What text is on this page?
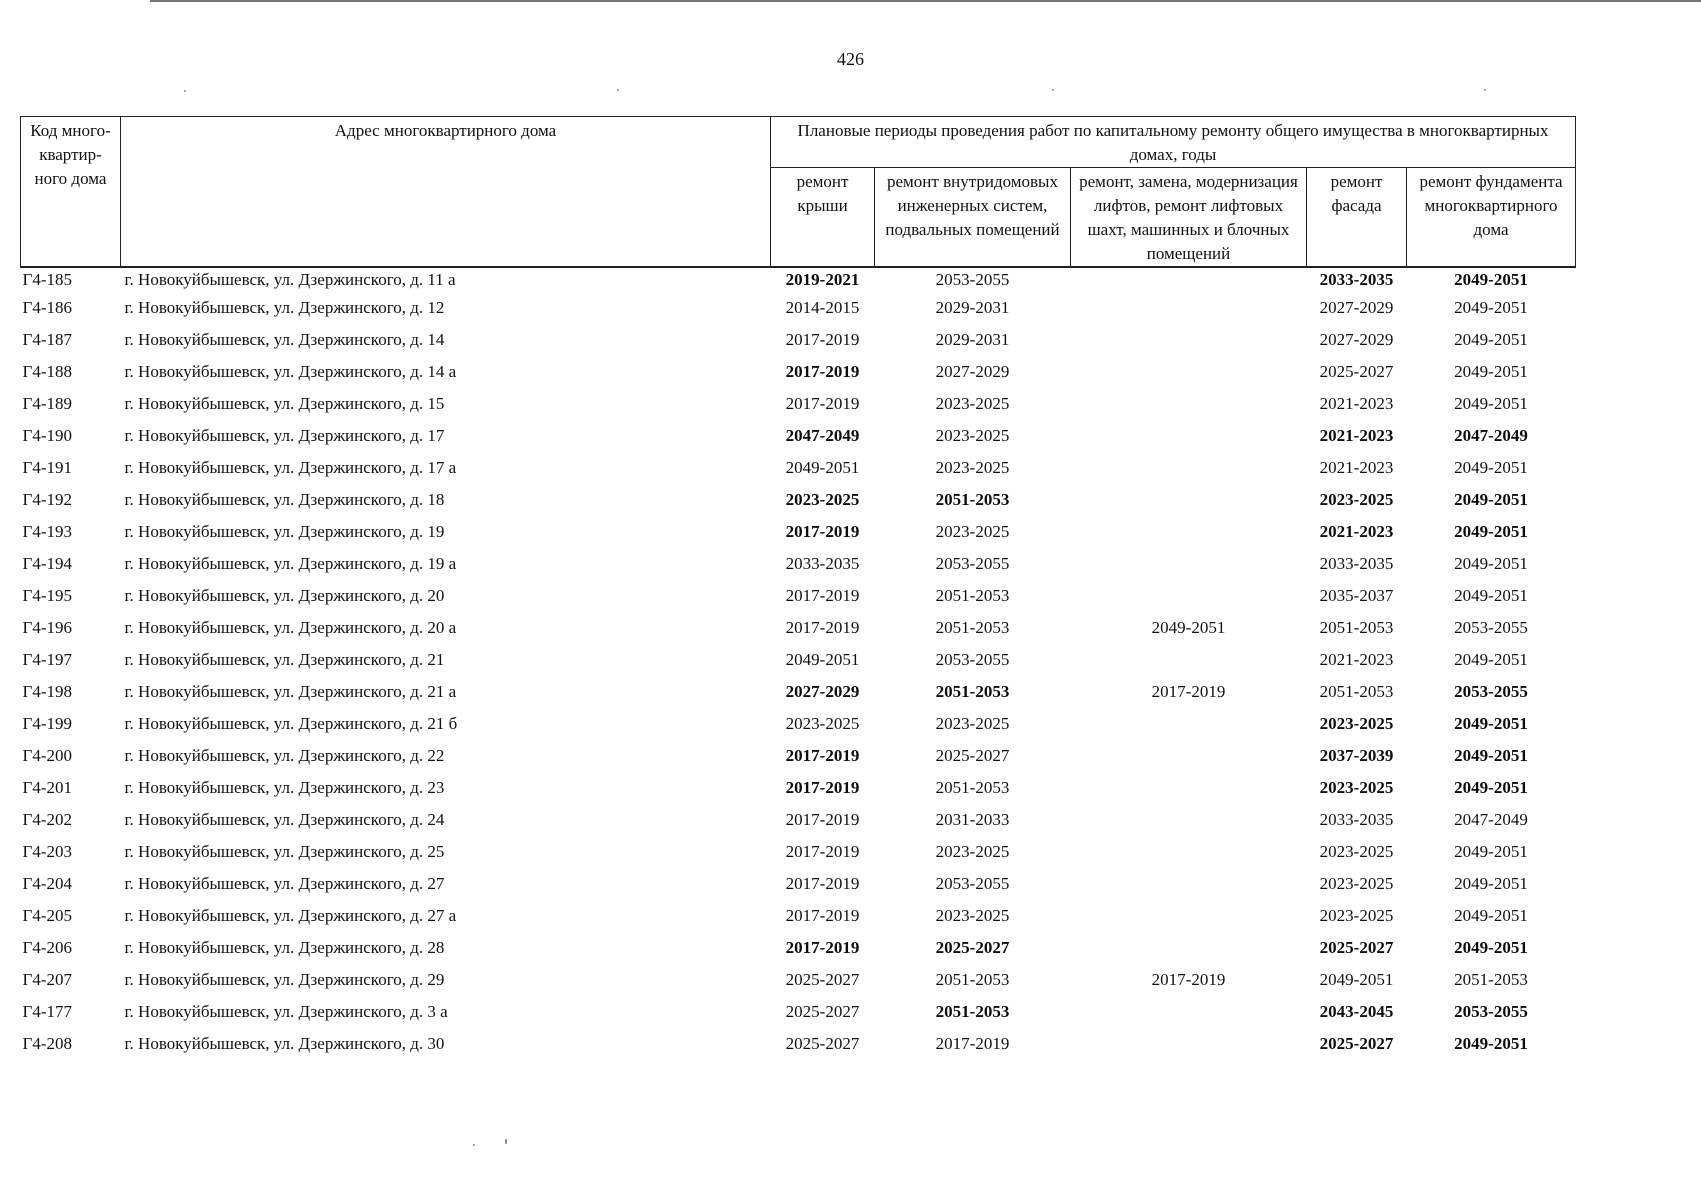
426
Код много-квартир-ного дома	Адрес многоквартирного дома	Плановые периоды проведения работ по капитальному ремонту общего имущества в многоквартирных домах, годы				
		ремонт крыши	ремонт внутридомовых инженерных систем, подвальных помещений	ремонт, замена, модернизация лифтов, ремонт лифтовых шахт, машинных и блочных помещений	ремонт фасада	ремонт фундамента многоквартирного дома
Г4-185	г. Новокуйбышевск, ул. Дзержинского, д. 11 а	2019-2021	2053-2055		2033-2035	2049-2051
Г4-186	г. Новокуйбышевск, ул. Дзержинского, д. 12	2014-2015	2029-2031		2027-2029	2049-2051
Г4-187	г. Новокуйбышевск, ул. Дзержинского, д. 14	2017-2019	2029-2031		2027-2029	2049-2051
Г4-188	г. Новокуйбышевск, ул. Дзержинского, д. 14 а	2017-2019	2027-2029		2025-2027	2049-2051
Г4-189	г. Новокуйбышевск, ул. Дзержинского, д. 15	2017-2019	2023-2025		2021-2023	2049-2051
Г4-190	г. Новокуйбышевск, ул. Дзержинского, д. 17	2047-2049	2023-2025		2021-2023	2047-2049
Г4-191	г. Новокуйбышевск, ул. Дзержинского, д. 17 а	2049-2051	2023-2025		2021-2023	2049-2051
Г4-192	г. Новокуйбышевск, ул. Дзержинского, д. 18	2023-2025	2051-2053		2023-2025	2049-2051
Г4-193	г. Новокуйбышевск, ул. Дзержинского, д. 19	2017-2019	2023-2025		2021-2023	2049-2051
Г4-194	г. Новокуйбышевск, ул. Дзержинского, д. 19 а	2033-2035	2053-2055		2033-2035	2049-2051
Г4-195	г. Новокуйбышевск, ул. Дзержинского, д. 20	2017-2019	2051-2053		2035-2037	2049-2051
Г4-196	г. Новокуйбышевск, ул. Дзержинского, д. 20 а	2017-2019	2051-2053	2049-2051	2051-2053	2053-2055
Г4-197	г. Новокуйбышевск, ул. Дзержинского, д. 21	2049-2051	2053-2055		2021-2023	2049-2051
Г4-198	г. Новокуйбышевск, ул. Дзержинского, д. 21 а	2027-2029	2051-2053	2017-2019	2051-2053	2053-2055
Г4-199	г. Новокуйбышевск, ул. Дзержинского, д. 21 б	2023-2025	2023-2025		2023-2025	2049-2051
Г4-200	г. Новокуйбышевск, ул. Дзержинского, д. 22	2017-2019	2025-2027		2037-2039	2049-2051
Г4-201	г. Новокуйбышевск, ул. Дзержинского, д. 23	2017-2019	2051-2053		2023-2025	2049-2051
Г4-202	г. Новокуйбышевск, ул. Дзержинского, д. 24	2017-2019	2031-2033		2033-2035	2047-2049
Г4-203	г. Новокуйбышевск, ул. Дзержинского, д. 25	2017-2019	2023-2025		2023-2025	2049-2051
Г4-204	г. Новокуйбышевск, ул. Дзержинского, д. 27	2017-2019	2053-2055		2023-2025	2049-2051
Г4-205	г. Новокуйбышевск, ул. Дзержинского, д. 27 а	2017-2019	2023-2025		2023-2025	2049-2051
Г4-206	г. Новокуйбышевск, ул. Дзержинского, д. 28	2017-2019	2025-2027		2025-2027	2049-2051
Г4-207	г. Новокуйбышевск, ул. Дзержинского, д. 29	2025-2027	2051-2053	2017-2019	2049-2051	2051-2053
Г4-177	г. Новокуйбышевск, ул. Дзержинского, д. 3 а	2025-2027	2051-2053		2043-2045	2053-2055
Г4-208	г. Новокуйбышевск, ул. Дзержинского, д. 30	2025-2027	2017-2019		2025-2027	2049-2051
